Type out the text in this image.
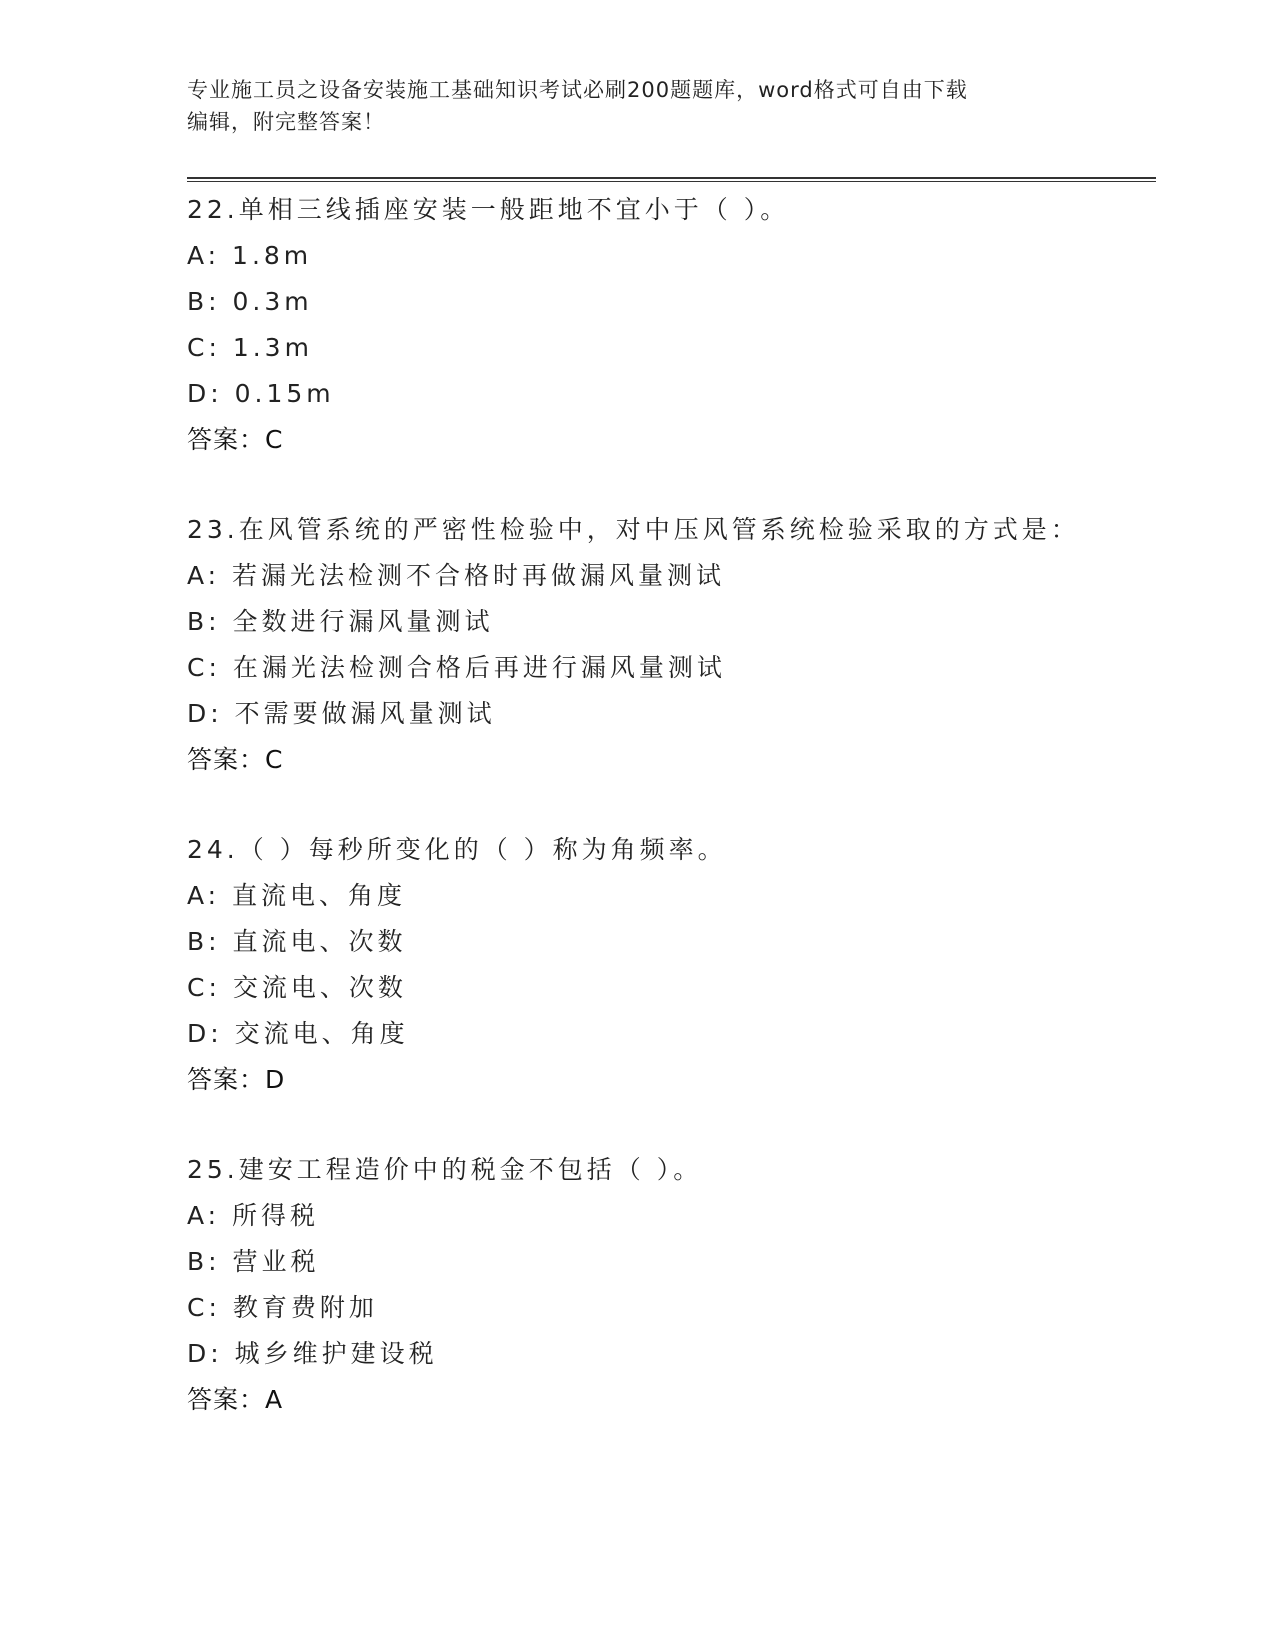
专业施工员之设备安装施工基础知识考试必刷200题题库，word格式可自由下载
编辑，附完整答案！
22.单相三线插座安装一般距地不宜小于（ ）。
A: 1.8m
B: 0.3m
C: 1.3m
D: 0.15m
答案：C
23.在风管系统的严密性检验中，对中压风管系统检验采取的方式是：
A: 若漏光法检测不合格时再做漏风量测试
B: 全数进行漏风量测试
C: 在漏光法检测合格后再进行漏风量测试
D: 不需要做漏风量测试
答案：C
24.（ ）每秒所变化的（ ）称为角频率。
A: 直流电、角度
B: 直流电、次数
C: 交流电、次数
D: 交流电、角度
答案：D
25.建安工程造价中的税金不包括（ ）。
A: 所得税
B: 营业税
C: 教育费附加
D: 城乡维护建设税
答案：A
